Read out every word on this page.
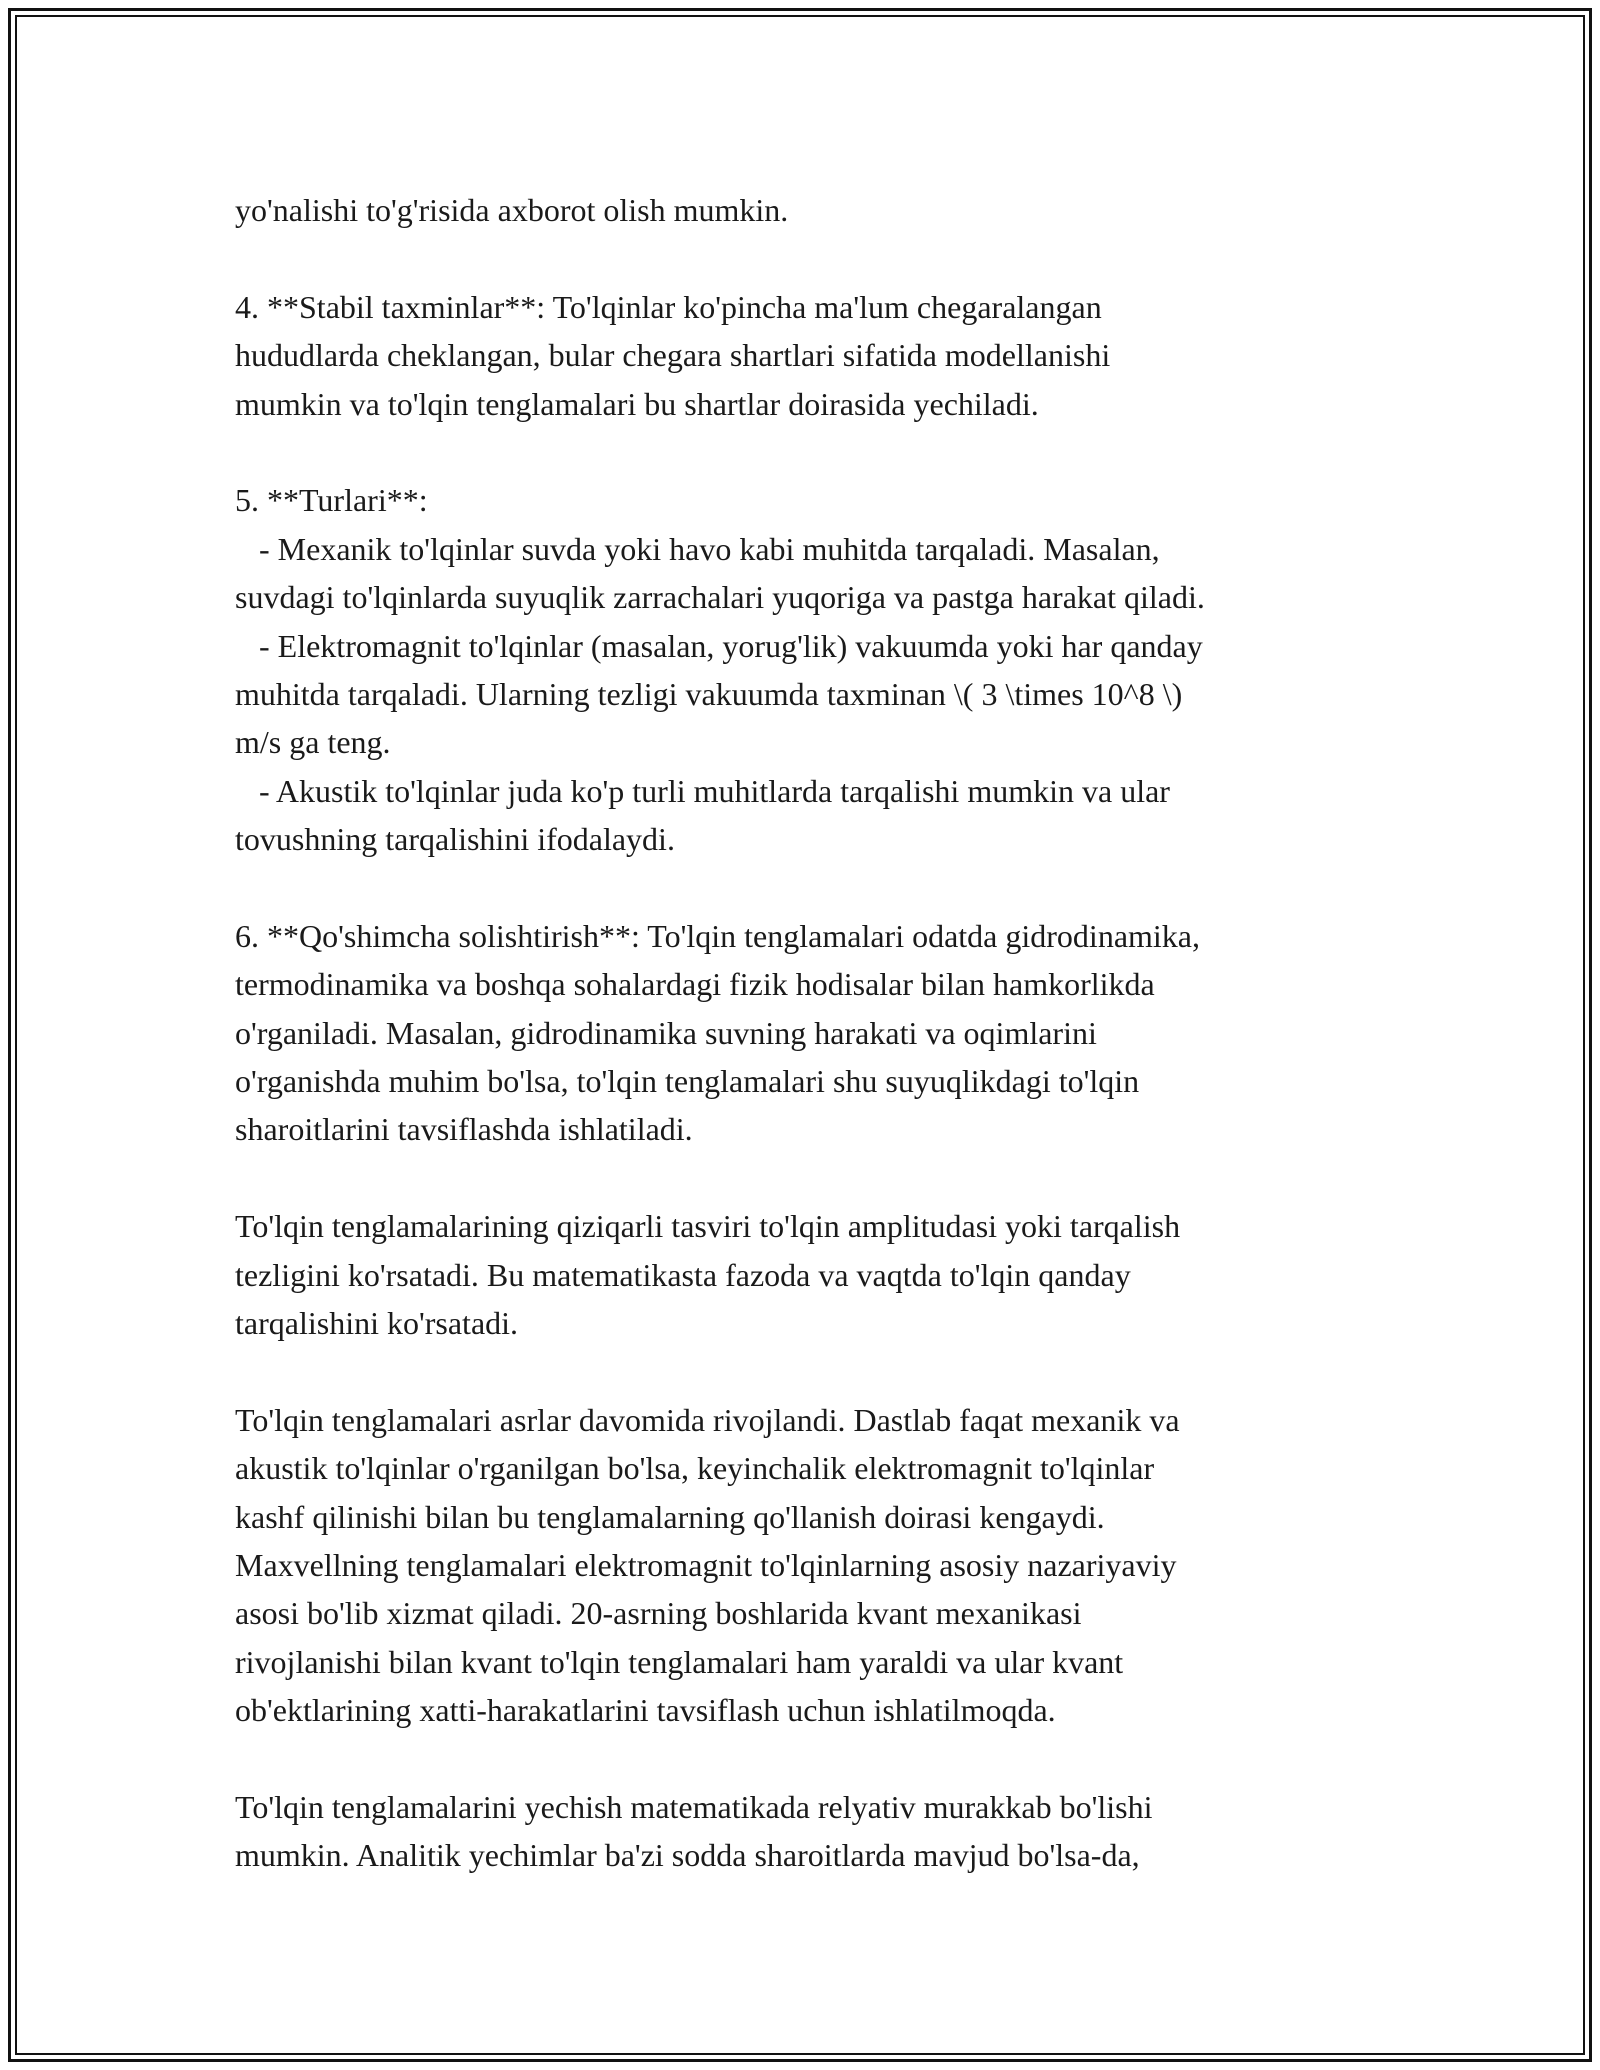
yo'nalishi to'g'risida axborot olish mumkin.
4. **Stabil taxminlar**: To'lqinlar ko'pincha ma'lum chegaralangan
hududlarda cheklangan, bular chegara shartlari sifatida modellanishi
mumkin va to'lqin tenglamalari bu shartlar doirasida yechiladi.
5. **Turlari**:
- Mexanik to'lqinlar suvda yoki havo kabi muhitda tarqaladi. Masalan,
suvdagi to'lqinlarda suyuqlik zarrachalari yuqoriga va pastga harakat qiladi.
- Elektromagnit to'lqinlar (masalan, yorug'lik) vakuumda yoki har qanday
muhitda tarqaladi. Ularning tezligi vakuumda taxminan \( 3 \times 10^8 \)
m/s ga teng.
- Akustik to'lqinlar juda ko'p turli muhitlarda tarqalishi mumkin va ular
tovushning tarqalishini ifodalaydi.
6. **Qo'shimcha solishtirish**: To'lqin tenglamalari odatda gidrodinamika,
termodinamika va boshqa sohalardagi fizik hodisalar bilan hamkorlikda
o'rganiladi. Masalan, gidrodinamika suvning harakati va oqimlarini
o'rganishda muhim bo'lsa, to'lqin tenglamalari shu suyuqlikdagi to'lqin
sharoitlarini tavsiflashda ishlatiladi.
To'lqin tenglamalarining qiziqarli tasviri to'lqin amplitudasi yoki tarqalish
tezligini ko'rsatadi. Bu matematikasta fazoda va vaqtda to'lqin qanday
tarqalishini ko'rsatadi.
To'lqin tenglamalari asrlar davomida rivojlandi. Dastlab faqat mexanik va
akustik to'lqinlar o'rganilgan bo'lsa, keyinchalik elektromagnit to'lqinlar
kashf qilinishi bilan bu tenglamalarning qo'llanish doirasi kengaydi.
Maxvellning tenglamalari elektromagnit to'lqinlarning asosiy nazariyaviy
asosi bo'lib xizmat qiladi. 20-asrning boshlarida kvant mexanikasi
rivojlanishi bilan kvant to'lqin tenglamalari ham yaraldi va ular kvant
ob'ektlarining xatti-harakatlarini tavsiflash uchun ishlatilmoqda.
To'lqin tenglamalarini yechish matematikada relyativ murakkab bo'lishi
mumkin. Analitik yechimlar ba'zi sodda sharoitlarda mavjud bo'lsa-da,
